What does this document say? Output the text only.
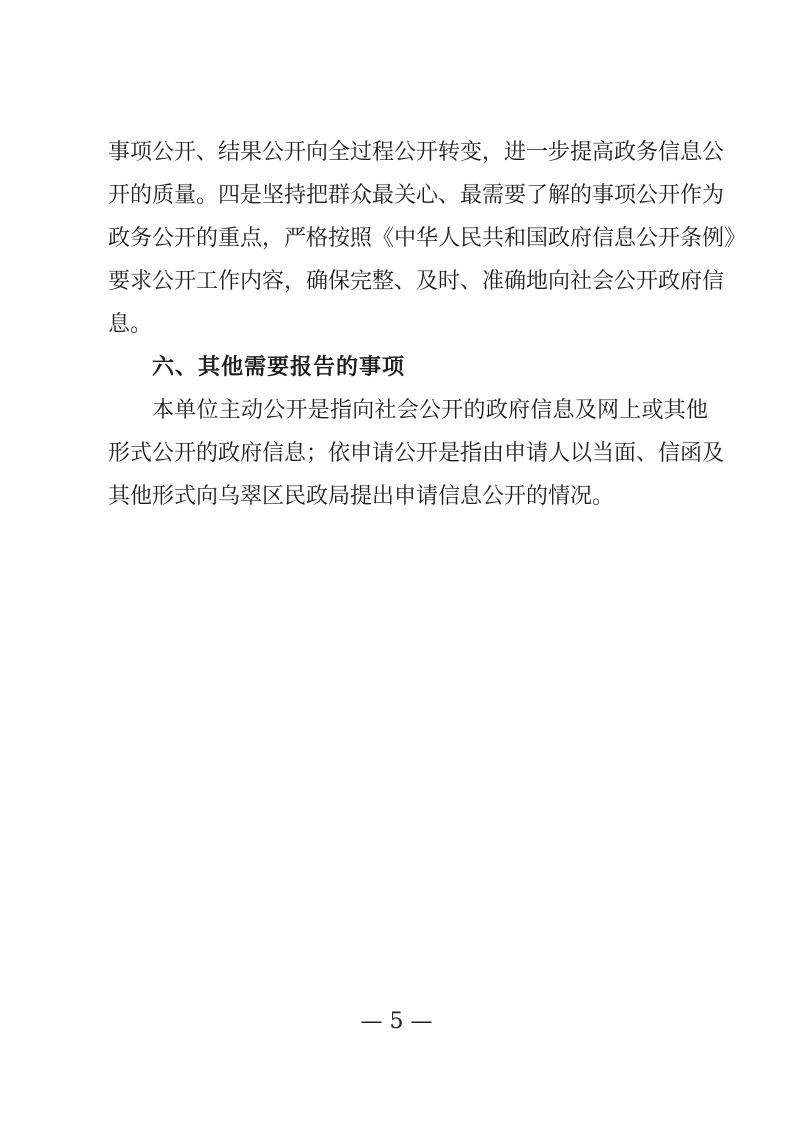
事项公开、结果公开向全过程公开转变，进一步提高政务信息公
开的质量。四是坚持把群众最关心、最需要了解的事项公开作为
政务公开的重点，严格按照《中华人民共和国政府信息公开条例》
要求公开工作内容，确保完整、及时、准确地向社会公开政府信
息。
六、其他需要报告的事项
本单位主动公开是指向社会公开的政府信息及网上或其他
形式公开的政府信息；依申请公开是指由申请人以当面、信函及
其他形式向乌翠区民政局提出申请信息公开的情况。
— 5 —
